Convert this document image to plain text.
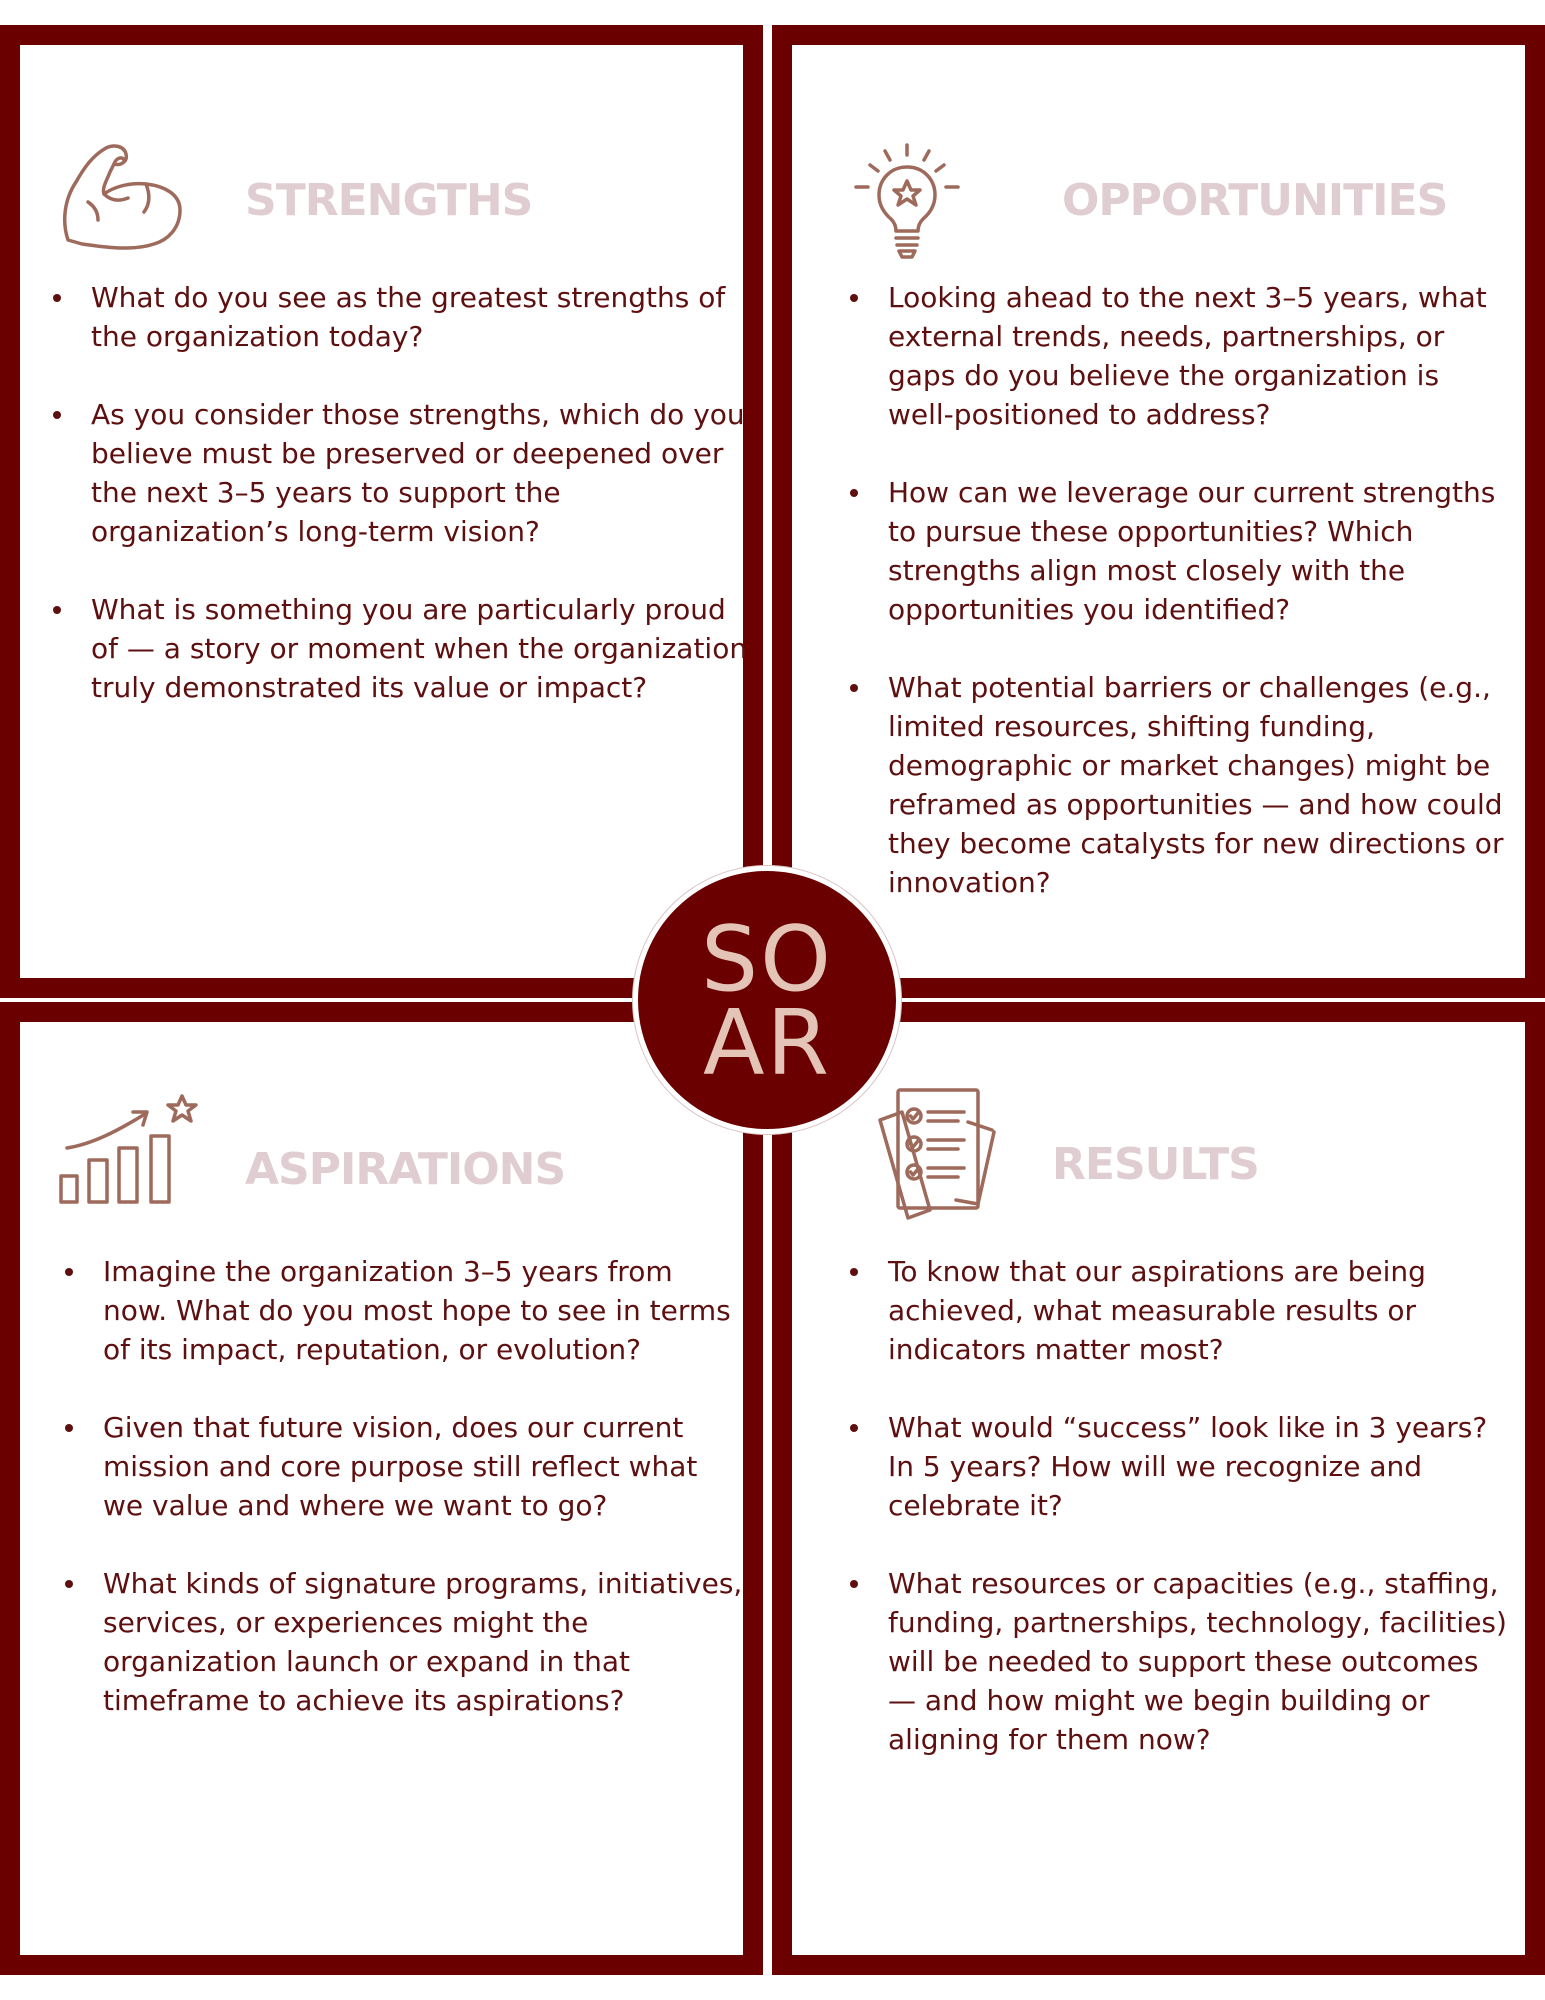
STRENGTHS
What do you see as the greatest strengths of the organization today?
As you consider those strengths, which do you believe must be preserved or deepened over the next 3–5 years to support the organization’s long-term vision?
What is something you are particularly proud of — a story or moment when the organization truly demonstrated its value or impact?
OPPORTUNITIES
Looking ahead to the next 3–5 years, what external trends, needs, partnerships, or gaps do you believe the organization is well-positioned to address?
How can we leverage our current strengths to pursue these opportunities? Which strengths align most closely with the opportunities you identified?
What potential barriers or challenges (e.g., limited resources, shifting funding, demographic or market changes) might be reframed as opportunities — and how could they become catalysts for new directions or innovation?
ASPIRATIONS
Imagine the organization 3–5 years from now. What do you most hope to see in terms of its impact, reputation, or evolution?
Given that future vision, does our current mission and core purpose still reflect what we value and where we want to go?
What kinds of signature programs, initiatives, services, or experiences might the organization launch or expand in that timeframe to achieve its aspirations?
RESULTS
To know that our aspirations are being achieved, what measurable results or indicators matter most?
What would “success” look like in 3 years? In 5 years? How will we recognize and celebrate it?
What resources or capacities (e.g., staffing, funding, partnerships, technology, facilities) will be needed to support these outcomes — and how might we begin building or aligning for them now?
SO
AR
